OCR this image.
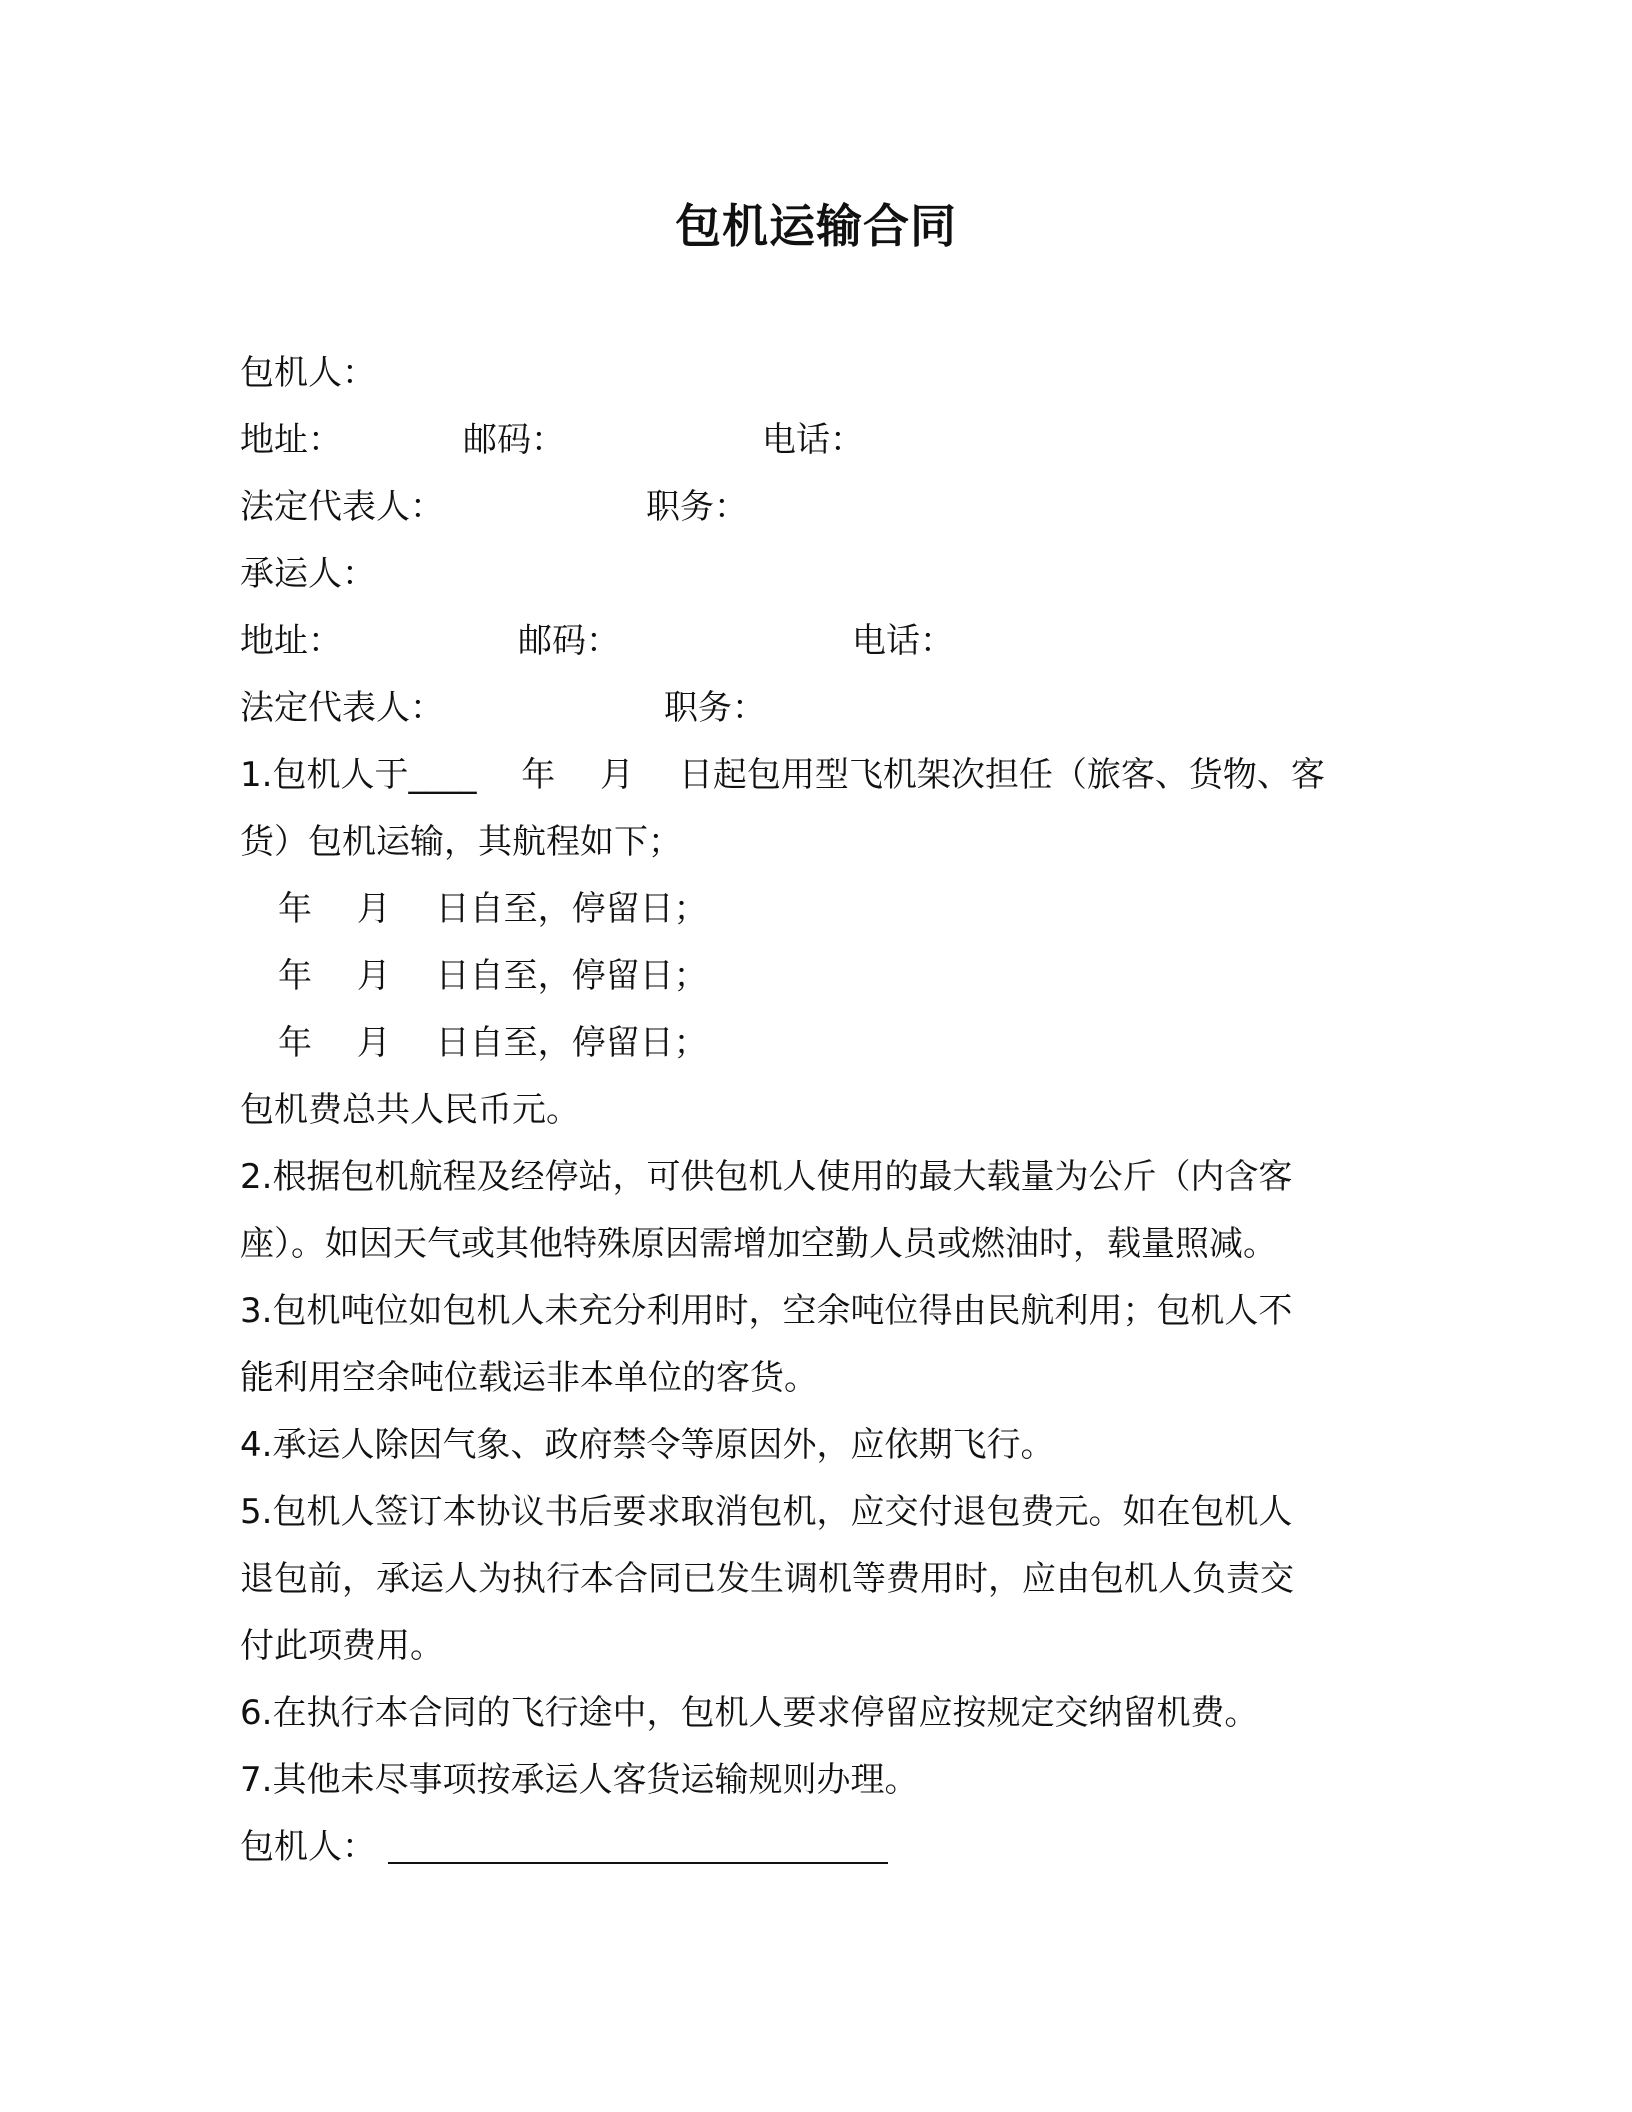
包机运输合同
包机人：
地址：	邮码：	电话：
法定代表人：	职务：
承运人：
地址：	邮码：	电话：
法定代表人：	职务：
1.包机人于____　 年　 月　 日起包用型飞机架次担任（旅客、货物、客
货）包机运输，其航程如下；
年　 月　 日自至，停留日；
年　 月　 日自至，停留日；
年　 月　 日自至，停留日；
包机费总共人民币元。
2.根据包机航程及经停站，可供包机人使用的最大载量为公斤（内含客
座）。如因天气或其他特殊原因需增加空勤人员或燃油时，载量照减。
3.包机吨位如包机人未充分利用时，空余吨位得由民航利用；包机人不
能利用空余吨位载运非本单位的客货。
4.承运人除因气象、政府禁令等原因外，应依期飞行。
5.包机人签订本协议书后要求取消包机，应交付退包费元。如在包机人
退包前，承运人为执行本合同已发生调机等费用时，应由包机人负责交
付此项费用。
6.在执行本合同的飞行途中，包机人要求停留应按规定交纳留机费。
7.其他未尽事项按承运人客货运输规则办理。
包机人：
